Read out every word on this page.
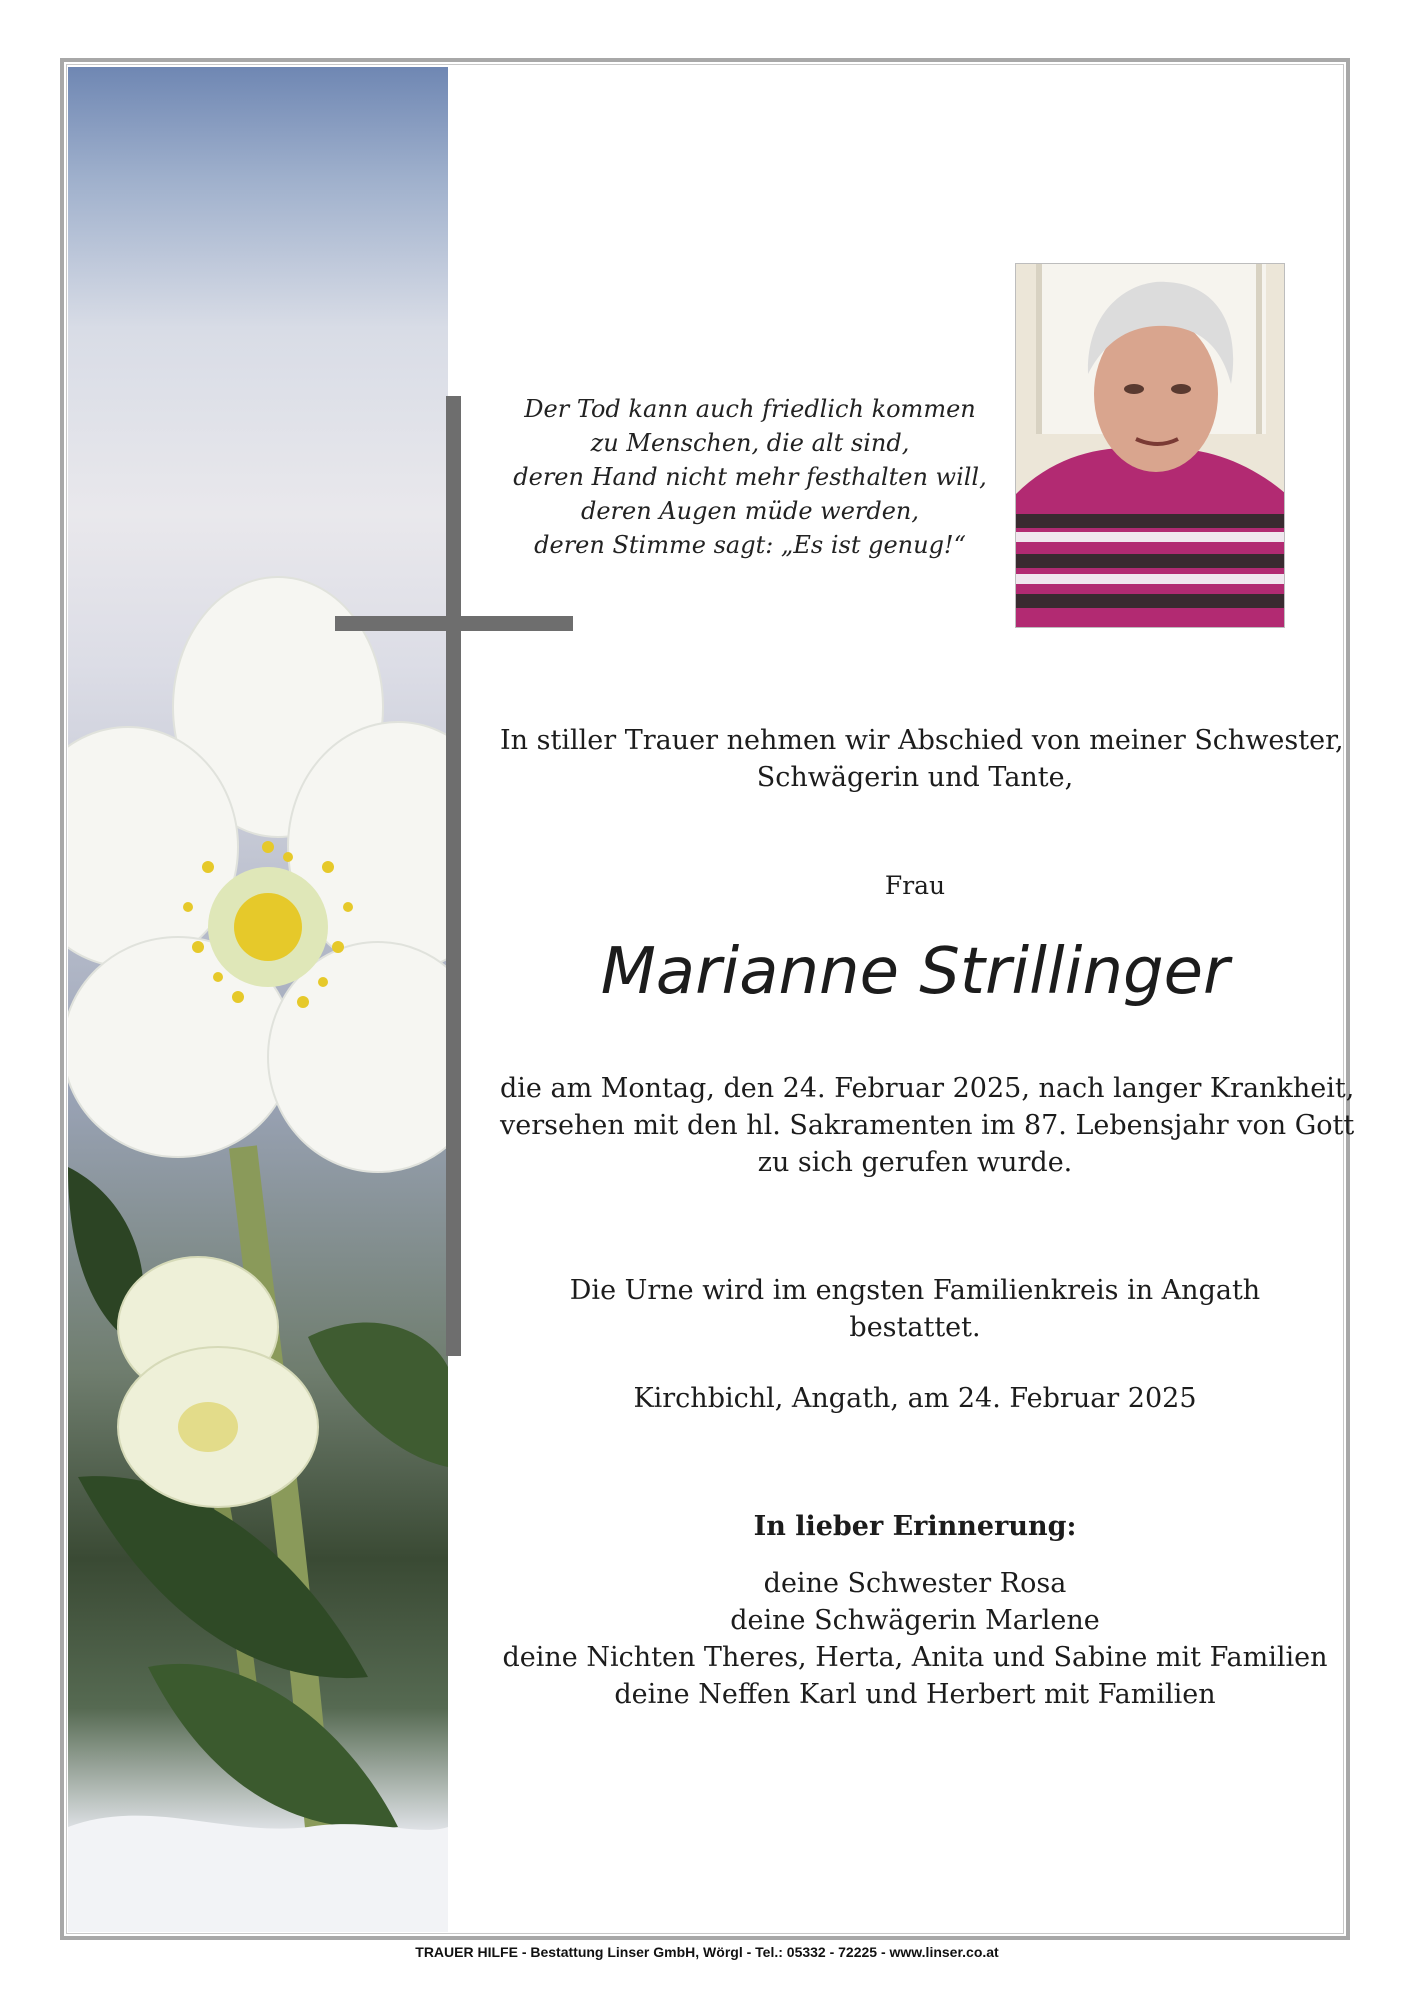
Der Tod kann auch friedlich kommen
zu Menschen, die alt sind,
deren Hand nicht mehr festhalten will,
deren Augen müde werden,
deren Stimme sagt: „Es ist genug!“
In stiller Trauer nehmen wir Abschied von meiner Schwester,
Schwägerin und Tante,
Frau
Marianne Strillinger
die am Montag, den 24. Februar 2025, nach langer Krankheit,
versehen mit den hl. Sakramenten im 87. Lebensjahr von Gott
zu sich gerufen wurde.
Die Urne wird im engsten Familienkreis in Angath bestattet.
Kirchbichl, Angath, am 24. Februar 2025
In lieber Erinnerung:
deine Schwester Rosa
deine Schwägerin Marlene
deine Nichten Theres, Herta, Anita und Sabine mit Familien
deine Neffen Karl und Herbert mit Familien
TRAUER HILFE - Bestattung Linser GmbH, Wörgl - Tel.: 05332 - 72225 - www.linser.co.at
